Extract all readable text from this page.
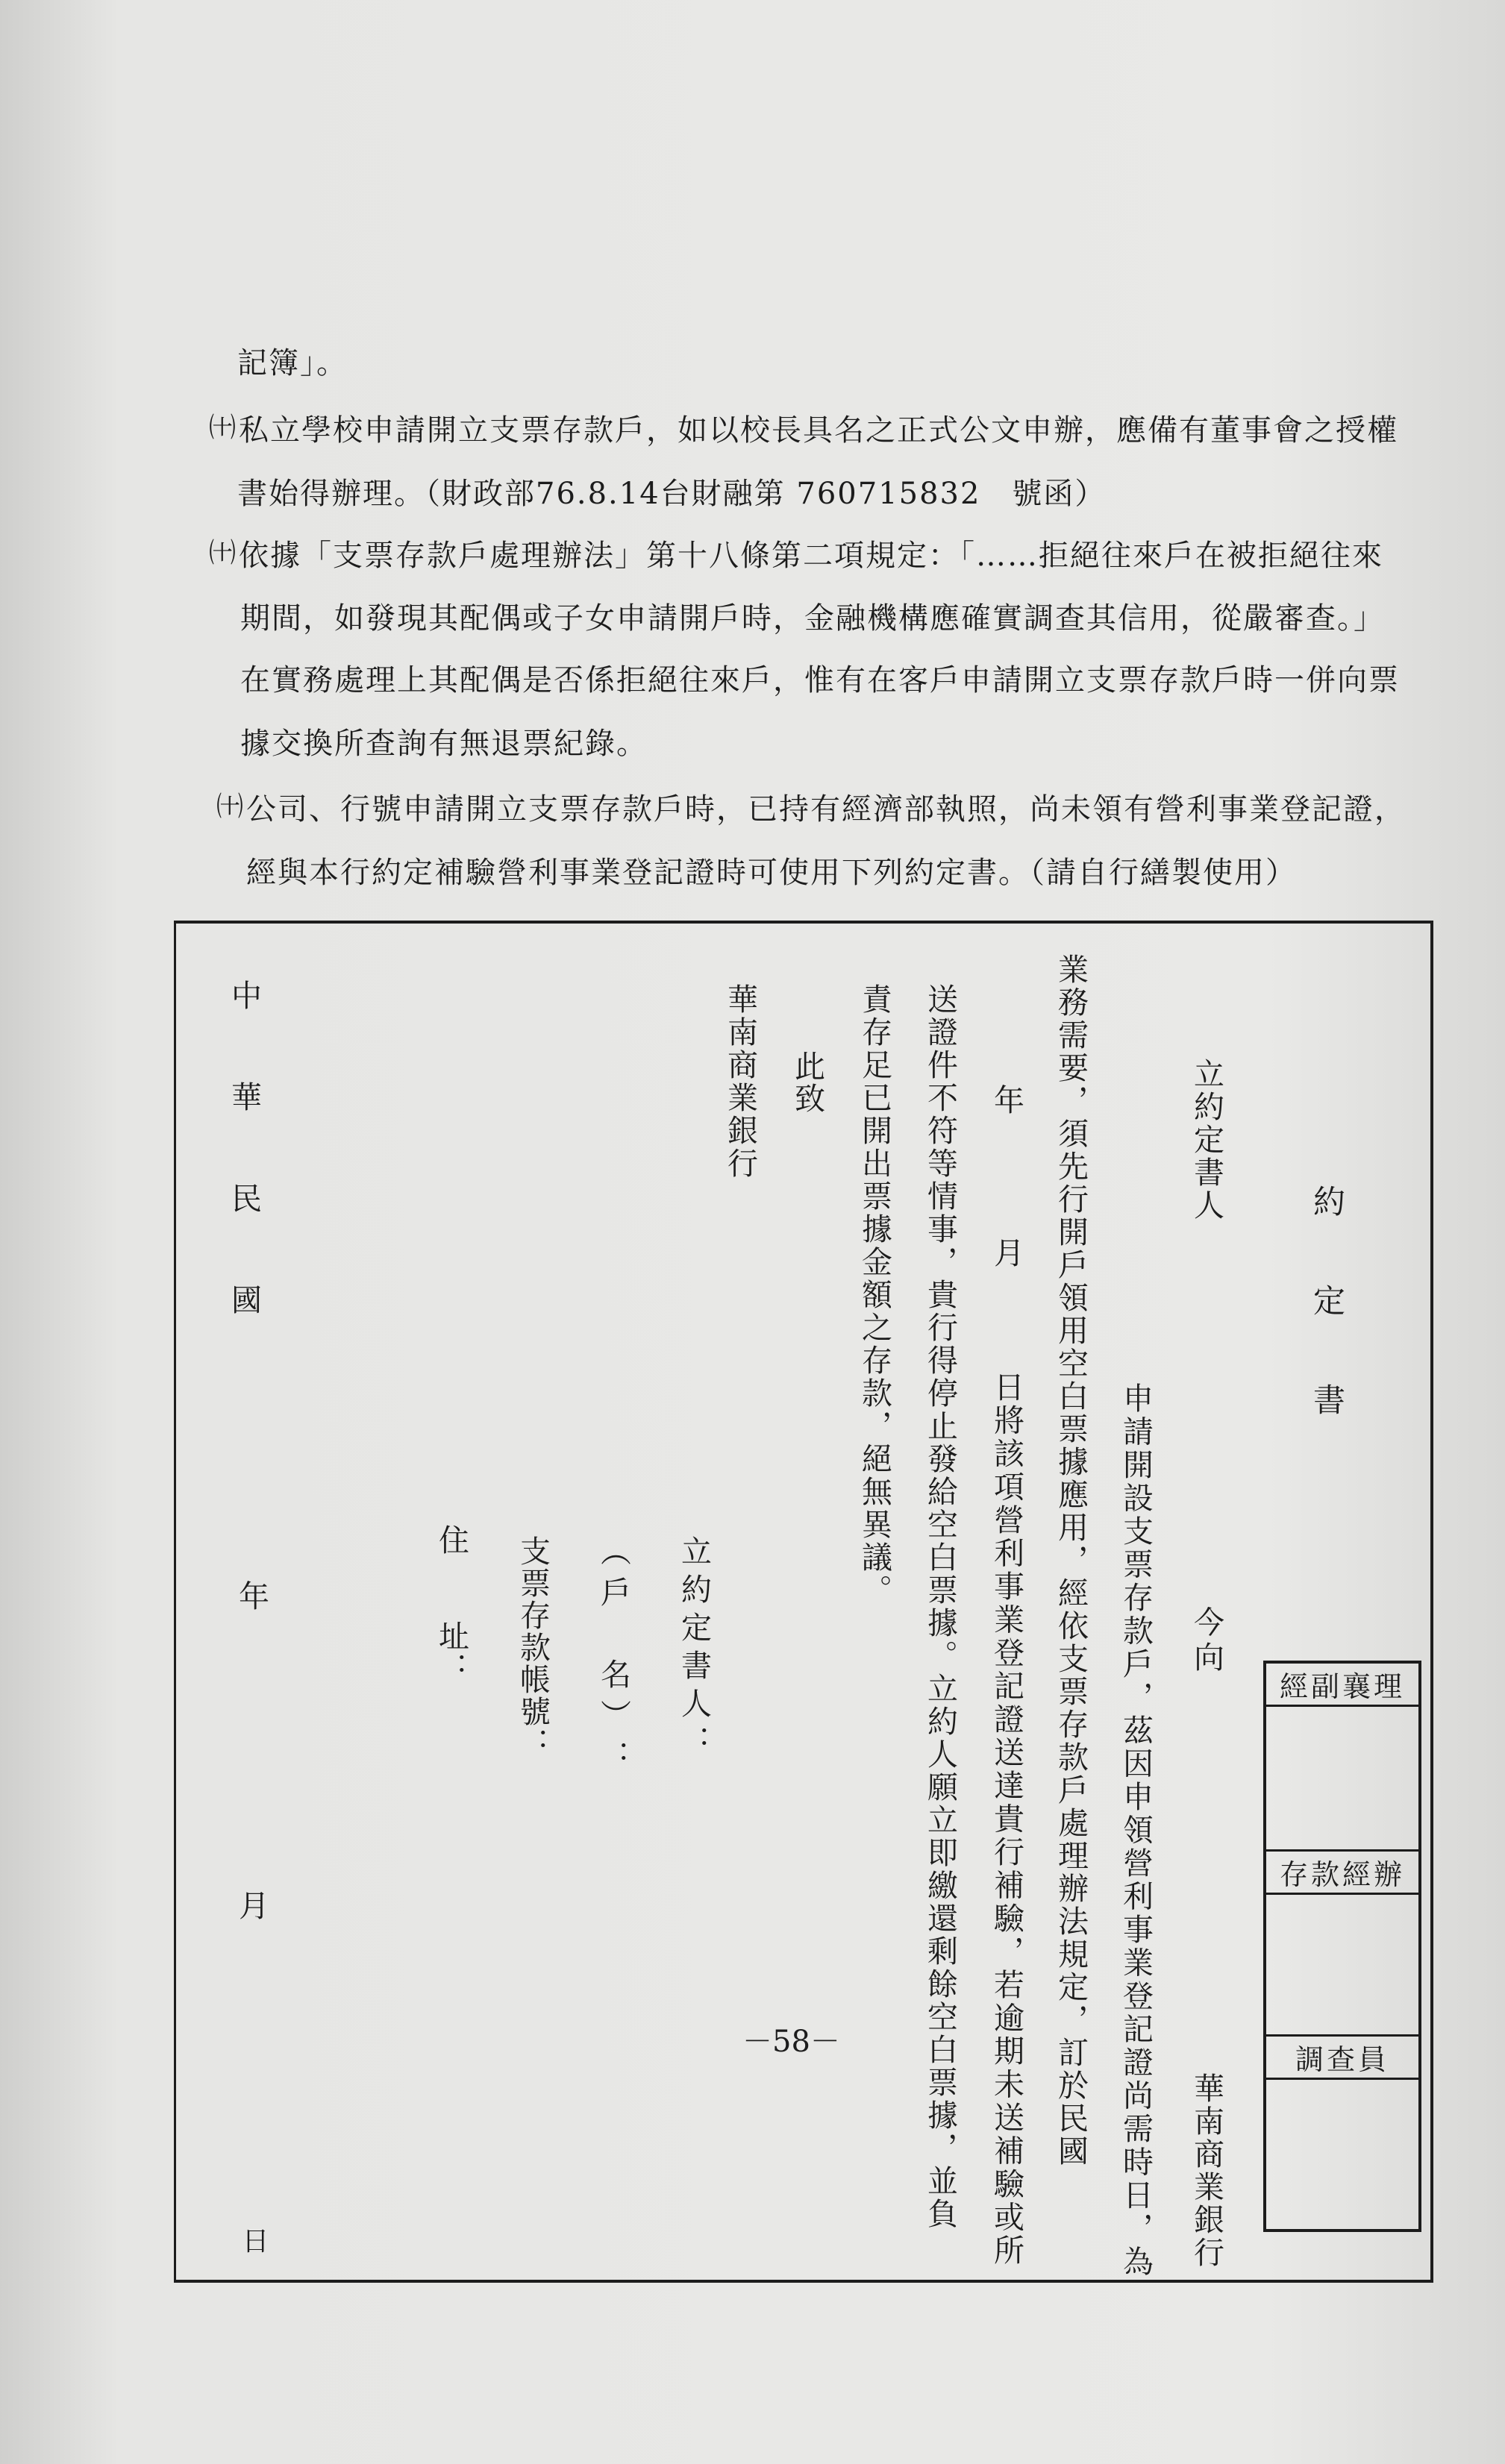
記簿」。
㈩ 私立學校申請開立支票存款戶，如以校長具名之正式公文申辦，應備有董事會之授權
書始得辦理。（財政部76.8.14台財融第 760715832　號函）
㈩ 依據「支票存款戶處理辦法」第十八條第二項規定：「……拒絕往來戶在被拒絕往來
期間，如發現其配偶或子女申請開戶時，金融機構應確實調查其信用，從嚴審查。」
在實務處理上其配偶是否係拒絕往來戶，惟有在客戶申請開立支票存款戶時一併向票
據交換所查詢有無退票紀錄。
㈩ 公司、行號申請開立支票存款戶時，已持有經濟部執照，尚未領有營利事業登記證，
經與本行約定補驗營利事業登記證時可使用下列約定書。（請自行繕製使用）
約定書
華南商業銀行
今向
立約定書人
申請開設支票存款戶，茲因申領營利事業登記證尚需時日，為
業務需要，須先行開戶領用空白票據應用，經依支票存款戶處理辦法規定，訂於民國
年
月
日將該項營利事業登記證送達貴行補驗，若逾期未送補驗或所
送證件不符等情事，貴行得停止發給空白票據。立約人願立即繳還剩餘空白票據，並負
責存足已開出票據金額之存款，絕無異議。
此致
華南商業銀行
立約定書人：
（戶　名）：
支票存款帳號：
住　　址：
中華民國
年
月
日
經副襄理
存款經辦
調查員
－58－
